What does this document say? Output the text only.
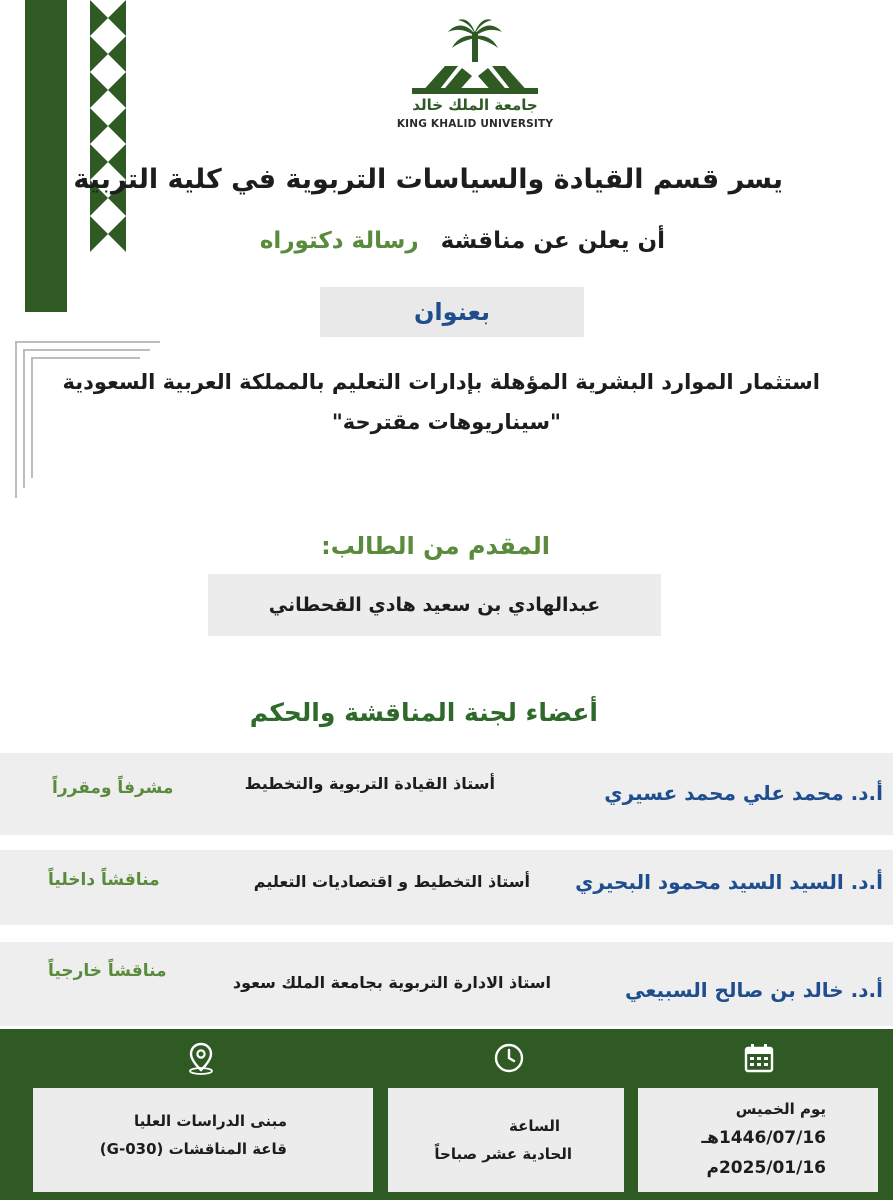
جامعة الملك خالد
KING KHALID UNIVERSITY
يسر قسم القيادة والسياسات التربوية في كلية التربية
أن يعلن عن مناقشة رسالة دكتوراه
بعنوان
استثمار الموارد البشرية المؤهلة بإدارات التعليم بالمملكة العربية السعودية
"سيناريوهات مقترحة"
المقدم من الطالب:
عبدالهادي بن سعيد هادي القحطاني
أعضاء لجنة المناقشة والحكم
أ.د. محمد علي محمد عسيري
أستاذ القيادة التربوية والتخطيط
مشرفاً ومقرراً
أ.د. السيد السيد محمود البحيري
أستاذ التخطيط و اقتصاديات التعليم
مناقشاً داخلياً
أ.د. خالد بن صالح السبيعي
استاذ الادارة التربوية بجامعة الملك سعود
مناقشاً خارجياً
مبنى الدراسات العليا
قاعة المناقشات (G-030)
الساعة
الحادية عشر صباحاً
يوم الخميس
1446/07/16هـ
2025/01/16م
